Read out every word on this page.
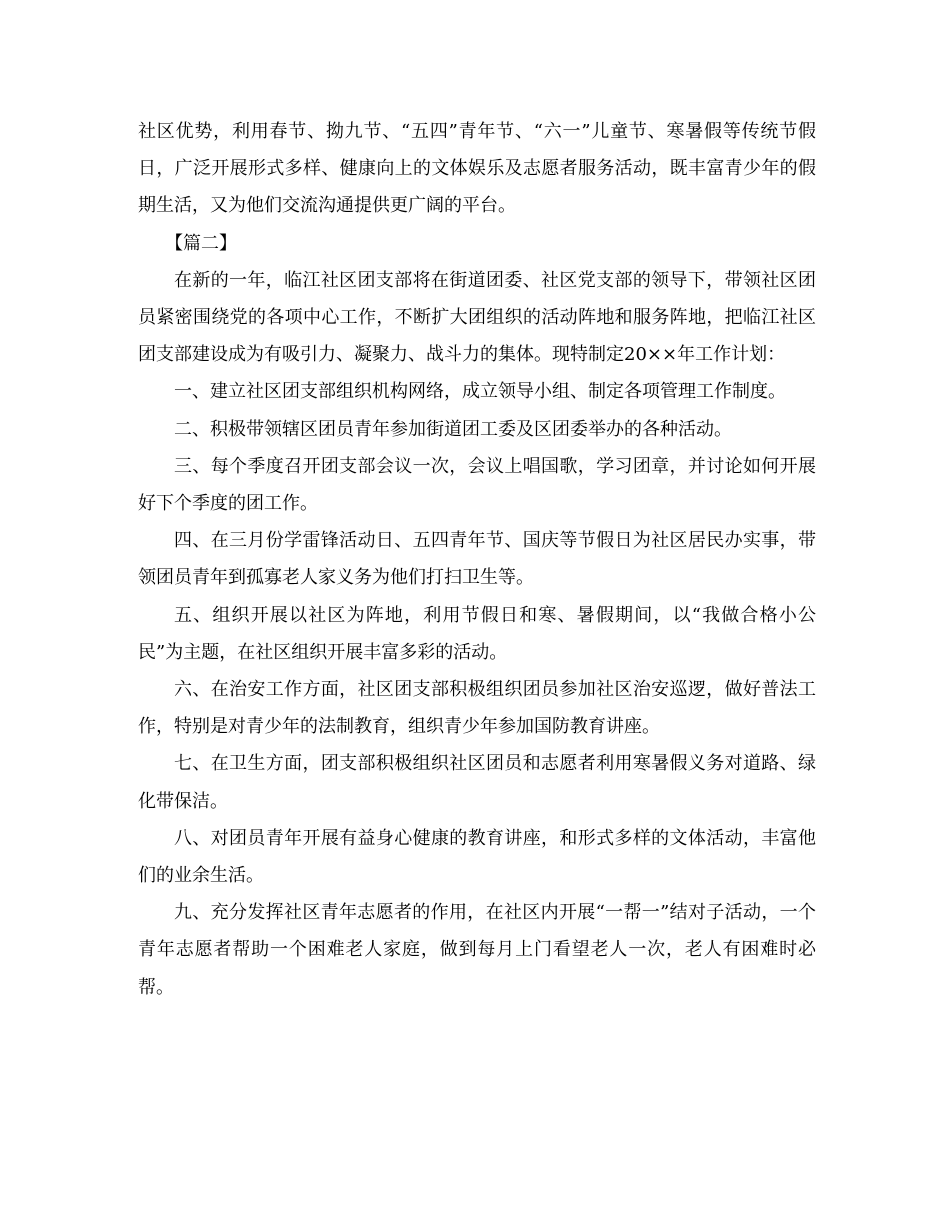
社区优势，利用春节、拗九节、“五四”青年节、“六一”儿童节、寒暑假等传统节假日，广泛开展形式多样、健康向上的文体娱乐及志愿者服务活动，既丰富青少年的假期生活，又为他们交流沟通提供更广阔的平台。

【篇二】

在新的一年，临江社区团支部将在街道团委、社区党支部的领导下，带领社区团员紧密围绕党的各项中心工作，不断扩大团组织的活动阵地和服务阵地，把临江社区团支部建设成为有吸引力、凝聚力、战斗力的集体。现特制定20××年工作计划：

一、建立社区团支部组织机构网络，成立领导小组、制定各项管理工作制度。

二、积极带领辖区团员青年参加街道团工委及区团委举办的各种活动。

三、每个季度召开团支部会议一次，会议上唱国歌，学习团章，并讨论如何开展好下个季度的团工作。

四、在三月份学雷锋活动日、五四青年节、国庆等节假日为社区居民办实事，带领团员青年到孤寡老人家义务为他们打扫卫生等。

五、组织开展以社区为阵地，利用节假日和寒、暑假期间，以“我做合格小公民”为主题，在社区组织开展丰富多彩的活动。

六、在治安工作方面，社区团支部积极组织团员参加社区治安巡逻，做好普法工作，特别是对青少年的法制教育，组织青少年参加国防教育讲座。

七、在卫生方面，团支部积极组织社区团员和志愿者利用寒暑假义务对道路、绿化带保洁。

八、对团员青年开展有益身心健康的教育讲座，和形式多样的文体活动，丰富他们的业余生活。

九、充分发挥社区青年志愿者的作用，在社区内开展“一帮一”结对子活动，一个青年志愿者帮助一个困难老人家庭，做到每月上门看望老人一次，老人有困难时必帮。
